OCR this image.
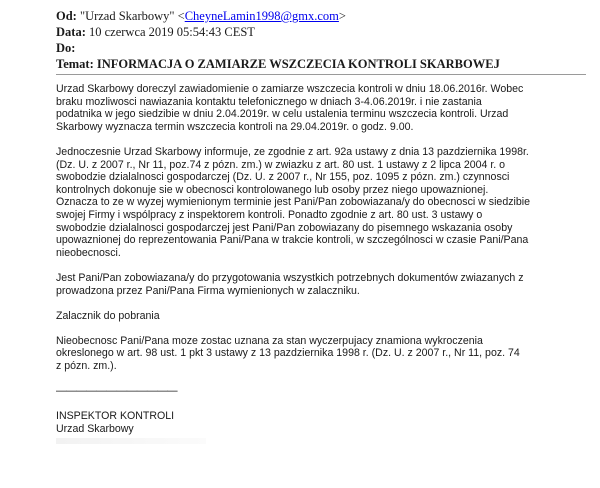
Od: "Urzad Skarbowy" <CheyneLamin1998@gmx.com>
Data: 10 czerwca 2019 05:54:43 CEST
Do:
Temat: INFORMACJA O ZAMIARZE WSZCZECIA KONTROLI SKARBOWEJ

Urzad Skarbowy doreczyl zawiadomienie o zamiarze wszczecia kontroli w dniu 18.06.2016r. Wobec
braku mozliwosci nawiazania kontaktu telefonicznego w dniach 3-4.06.2019r. i nie zastania
podatnika w jego siedzibie w dniu 2.04.2019r. w celu ustalenia terminu wszczecia kontroli. Urzad
Skarbowy wyznacza termin wszczecia kontroli na 29.04.2019r. o godz. 9.00.

Jednoczesnie Urzad Skarbowy informuje, ze zgodnie z art. 92a ustawy z dnia 13 pazdziernika 1998r.
(Dz. U. z 2007 r., Nr 11, poz.74 z pózn. zm.) w zwiazku z art. 80 ust. 1 ustawy z 2 lipca 2004 r. o
swobodzie dzialalnosci gospodarczej (Dz. U. z 2007 r., Nr 155, poz. 1095 z pózn. zm.) czynnosci
kontrolnych dokonuje sie w obecnosci kontrolowanego lub osoby przez niego upowaznionej.
Oznacza to ze w wyzej wymienionym terminie jest Pani/Pan zobowiazana/y do obecnosci w siedzibie
swojej Firmy i wspólpracy z inspektorem kontroli. Ponadto zgodnie z art. 80 ust. 3 ustawy o
swobodzie dzialalnosci gospodarczej jest Pani/Pan zobowiazany do pisemnego wskazania osoby
upowaznionej do reprezentowania Pani/Pana w trakcie kontroli, w szczególnosci w czasie Pani/Pana
nieobecnosci.

Jest Pani/Pan zobowiazana/y do przygotowania wszystkich potrzebnych dokumentów zwiazanych z
prowadzona przez Pani/Pana Firma wymienionych w zalaczniku.

Zalacznik do pobrania

Nieobecnosc Pani/Pana moze zostac uznana za stan wyczerpujacy znamiona wykroczenia
okreslonego w art. 98 ust. 1 pkt 3 ustawy z 13 pazdziernika 1998 r. (Dz. U. z 2007 r., Nr 11, poz. 74
z pózn. zm.).

————————————

INSPEKTOR KONTROLI
Urzad Skarbowy
